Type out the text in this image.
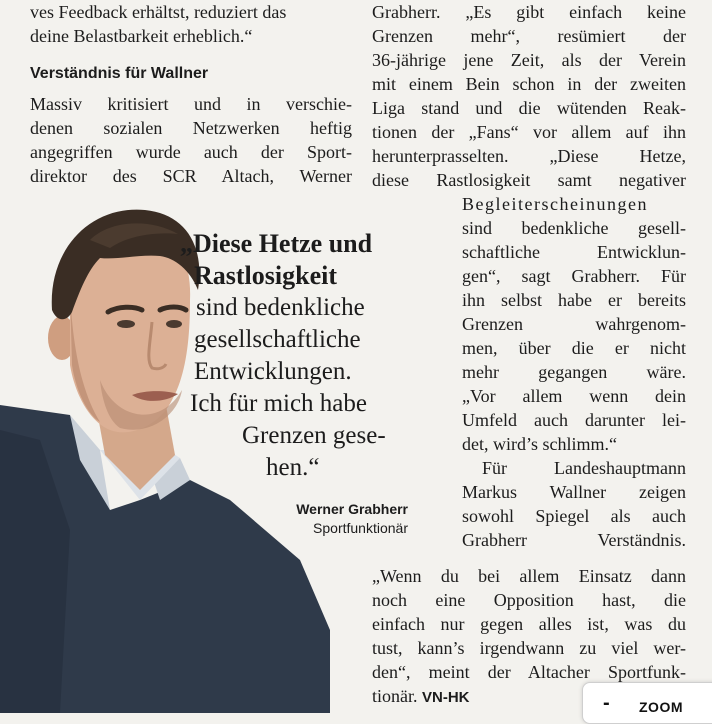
ves Feedback erhältst, reduziert das
deine Belastbarkeit erheblich.“
Verständnis für Wallner
Massiv kritisiert und in verschie-
denen sozialen Netzwerken heftig
angegriffen wurde auch der Sport-
direktor des SCR Altach, Werner
Grabherr. „Es gibt einfach keine
Grenzen mehr“, resümiert der
36-jährige jene Zeit, als der Verein
mit einem Bein schon in der zweiten
Liga stand und die wütenden Reak-
tionen der „Fans“ vor allem auf ihn
herunterprasselten. „Diese Hetze,
diese Rastlosigkeit samt negativer
Begleiterscheinungen
sind bedenkliche gesell-
schaftliche Entwicklun-
gen“, sagt Grabherr. Für
ihn selbst habe er bereits
Grenzen wahrgenom-
men, über die er nicht
mehr gegangen wäre.
„Vor allem wenn dein
Umfeld auch darunter lei-
det, wird’s schlimm.“
Für Landeshauptmann
Markus Wallner zeigen
sowohl Spiegel als auch
Grabherr Verständnis.
„Wenn du bei allem Einsatz dann
noch eine Opposition hast, die
einfach nur gegen alles ist, was du
tust, kann’s irgendwann zu viel wer-
den“, meint der Altacher Sportfunk-
tionär. VN-HK
„Diese Hetze und
Rastlosigkeit
sind bedenkliche
gesellschaftliche
Entwicklungen.
Ich für mich habe
Grenzen gese-
hen.“
Werner Grabherr
Sportfunktionär
- ZOOM
